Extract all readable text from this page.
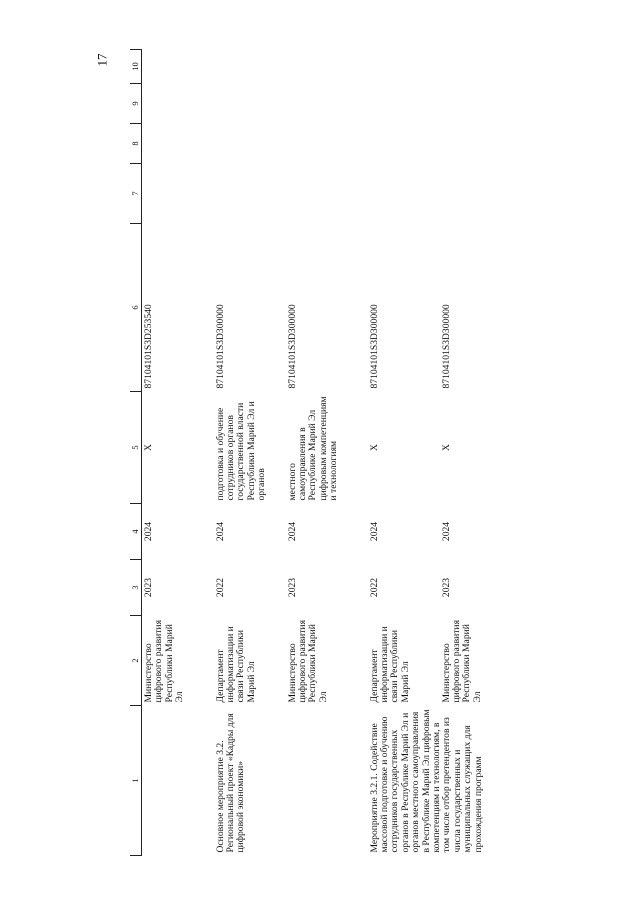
17
1	2	3	4	5	6	7	8	9	10
	Министерство цифрового развития Республики Марий Эл	2023	2024	X	87104101S3D253540				
Основное мероприятие 3.2. Региональный проект «Кадры для цифровой экономики»	Департамент информатизации и связи Республики Марий Эл	2022	2024	подготовка и обучение сотрудников органов государственной власти Республики Марий Эл и органов	87104101S3D300000				
	Министерство цифрового развития Республики Марий Эл	2023	2024	местного самоуправления в Республике Марий Эл цифровым компетенциям и технологиям	87104101S3D300000				
Мероприятие 3.2.1. Содействие массовой подготовке и обучению сотрудников государственных органов в Республике Марий Эл и органов местного самоуправления в Республике Марий Эл цифровым компетенциям и технологиям, в том числе отбор претендентов из числа государственных и муниципальных служащих для прохождения программ	Департамент информатизации и связи Республики Марий Эл	2022	2024	X	87104101S3D300000				
	Министерство цифрового развития Республики Марий Эл	2023	2024	X	87104101S3D300000				
